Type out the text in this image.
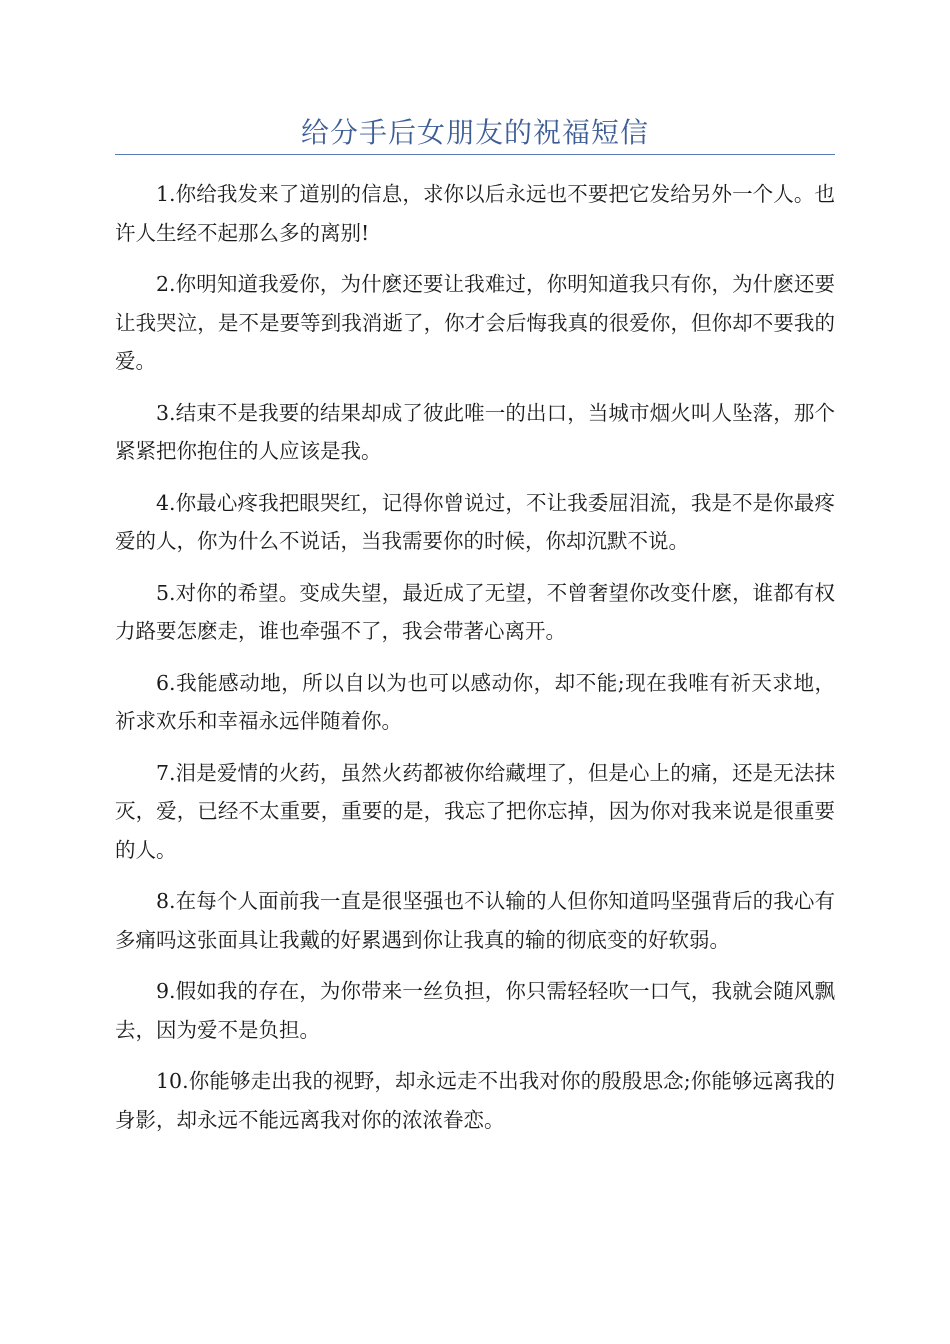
给分手后女朋友的祝福短信

1.你给我发来了道别的信息，求你以后永远也不要把它发给另外一个人。也许人生经不起那么多的离别!

2.你明知道我爱你，为什麽还要让我难过，你明知道我只有你，为什麽还要让我哭泣，是不是要等到我消逝了，你才会后悔我真的很爱你，但你却不要我的爱。

3.结束不是我要的结果却成了彼此唯一的出口，当城市烟火叫人坠落，那个紧紧把你抱住的人应该是我。

4.你最心疼我把眼哭红，记得你曾说过，不让我委屈泪流，我是不是你最疼爱的人，你为什么不说话，当我需要你的时候，你却沉默不说。

5.对你的希望。变成失望，最近成了无望，不曾奢望你改变什麽，谁都有权力路要怎麽走，谁也牵强不了，我会带著心离开。

6.我能感动地，所以自以为也可以感动你，却不能;现在我唯有祈天求地，祈求欢乐和幸福永远伴随着你。

7.泪是爱情的火药，虽然火药都被你给藏埋了，但是心上的痛，还是无法抹灭，爱，已经不太重要，重要的是，我忘了把你忘掉，因为你对我来说是很重要的人。

8.在每个人面前我一直是很坚强也不认输的人但你知道吗坚强背后的我心有多痛吗这张面具让我戴的好累遇到你让我真的输的彻底变的好软弱。

9.假如我的存在，为你带来一丝负担，你只需轻轻吹一口气，我就会随风飘去，因为爱不是负担。

10.你能够走出我的视野，却永远走不出我对你的殷殷思念;你能够远离我的身影，却永远不能远离我对你的浓浓眷恋。
